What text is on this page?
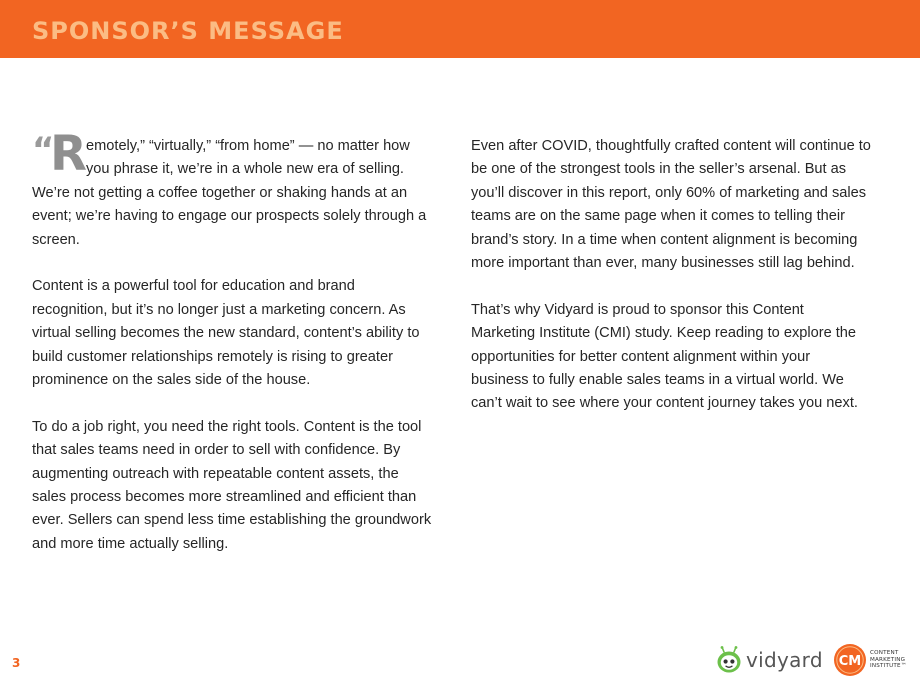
SPONSOR’S MESSAGE

“
R emotely,” “virtually,” “from home” — no matter how you phrase it, we’re in a whole new era of selling. We’re not getting a coffee together or shaking hands at an event; we’re having to engage our prospects solely through a screen.

Content is a powerful tool for education and brand recognition, but it’s no longer just a marketing concern. As virtual selling becomes the new standard, content’s ability to build customer relationships remotely is rising to greater prominence on the sales side of the house.

To do a job right, you need the right tools. Content is the tool that sales teams need in order to sell with confidence. By augmenting outreach with repeatable content assets, the sales process becomes more streamlined and efficient than ever. Sellers can spend less time establishing the groundwork and more time actually selling.

Even after COVID, thoughtfully crafted content will continue to be one of the strongest tools in the seller’s arsenal. But as you’ll discover in this report, only 60% of marketing and sales teams are on the same page when it comes to telling their brand’s story. In a time when content alignment is becoming more important than ever, many businesses still lag behind.

That’s why Vidyard is proud to sponsor this Content Marketing Institute (CMI) study. Keep reading to explore the opportunities for better content alignment within your business to fully enable sales teams in a virtual world. We can’t wait to see where your content journey takes you next.

3	vidyard CM
CONTENT
MARKETING
INSTITUTE™
